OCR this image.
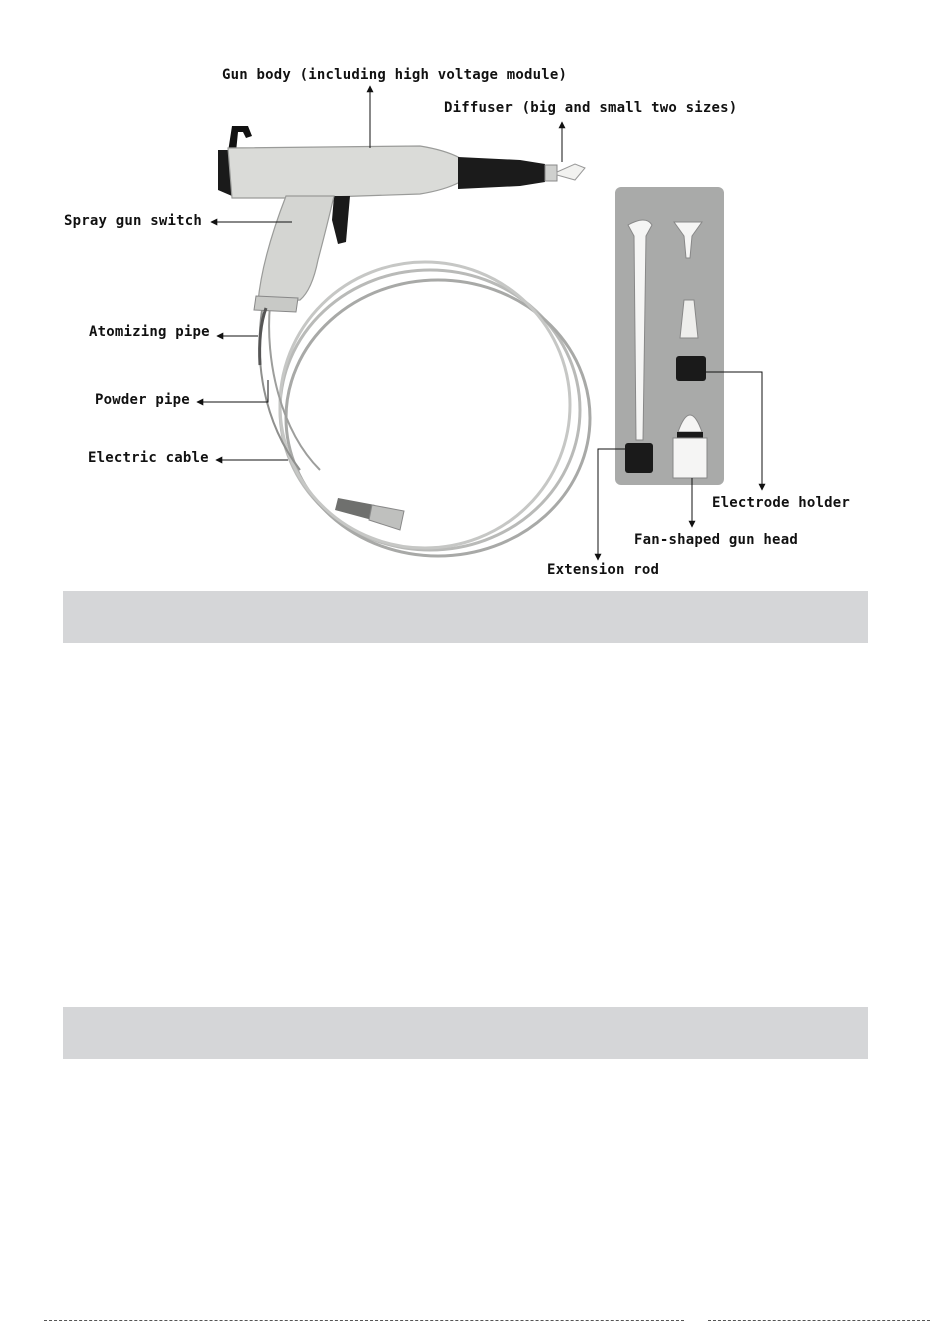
Gun body (including high voltage module)
Diffuser (big and small two sizes)
Spray gun switch
Atomizing pipe
Powder pipe
Electric cable
Electrode holder
Fan-shaped gun head
Extension rod
